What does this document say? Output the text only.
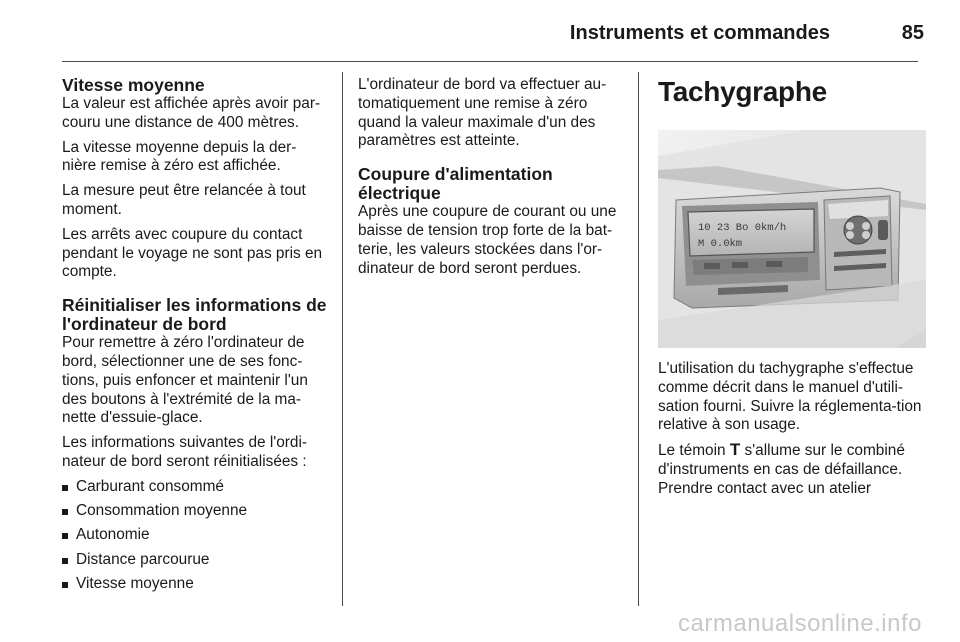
Instruments et commandes	85
Vitesse moyenne

La valeur est affichée après avoir par-couru une distance de 400 mètres.

La vitesse moyenne depuis la der-nière remise à zéro est affichée.

La mesure peut être relancée à tout moment.

Les arrêts avec coupure du contact pendant le voyage ne sont pas pris en compte.

Réinitialiser les informations de l'ordinateur de bord

Pour remettre à zéro l'ordinateur de bord, sélectionner une de ses fonc-tions, puis enfoncer et maintenir l'un des boutons à l'extrémité de la ma-nette d'essuie-glace.

Les informations suivantes de l'ordi-nateur de bord seront réinitialisées :

Carburant consommé
Consommation moyenne
Autonomie
Distance parcourue
Vitesse moyenne

L'ordinateur de bord va effectuer au-tomatiquement une remise à zéro quand la valeur maximale d'un des paramètres est atteinte.

Coupure d'alimentation électrique

Après une coupure de courant ou une baisse de tension trop forte de la bat-terie, les valeurs stockées dans l'or-dinateur de bord seront perdues.

Tachygraphe
10 23 Bo 0km/h
M 0.0km

L'utilisation du tachygraphe s'effectue comme décrit dans le manuel d'utili-sation fourni. Suivre la réglementa-tion relative à son usage.

Le témoin T s'allume sur le combiné d'instruments en cas de défaillance. Prendre contact avec un atelier

carmanualsonline.info
